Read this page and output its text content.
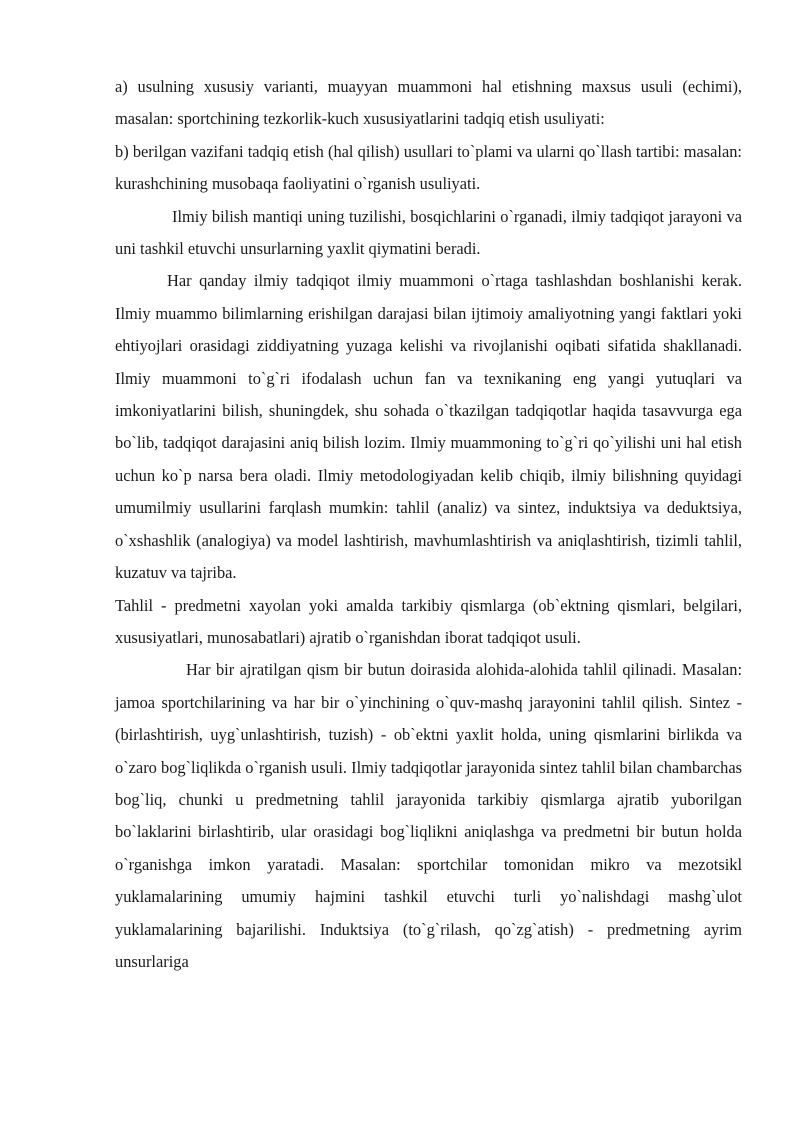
a) usulning xususiy varianti, muayyan muammoni hal etishning maxsus usuli (echimi), masalan: sportchining tezkorlik-kuch xususiyatlarini tadqiq etish usuliyati:

b) berilgan vazifani tadqiq etish (hal qilish) usullari to`plami va ularni qo`llash tartibi: masalan: kurashchining musobaqa faoliyatini o`rganish usuliyati.

Ilmiy bilish mantiqi uning tuzilishi, bosqichlarini o`rganadi, ilmiy tadqiqot jarayoni va uni tashkil etuvchi unsurlarning yaxlit qiymatini beradi.

Har qanday ilmiy tadqiqot ilmiy muammoni o`rtaga tashlashdan boshlanishi kerak. Ilmiy muammo bilimlarning erishilgan darajasi bilan ijtimoiy amaliyotning yangi faktlari yoki ehtiyojlari orasidagi ziddiyatning yuzaga kelishi va rivojlanishi oqibati sifatida shakllanadi. Ilmiy muammoni to`g`ri ifodalash uchun fan va texnikaning eng yangi yutuqlari va imkoniyatlarini bilish, shuningdek, shu sohada o`tkazilgan tadqiqotlar haqida tasavvurga ega bo`lib, tadqiqot darajasini aniq bilish lozim. Ilmiy muammoning to`g`ri qo`yilishi uni hal etish uchun ko`p narsa bera oladi. Ilmiy metodologiyadan kelib chiqib, ilmiy bilishning quyidagi umumilmiy usullarini farqlash mumkin: tahlil (analiz) va sintez, induktsiya va deduktsiya, o`xshashlik (analogiya) va model lashtirish, mavhumlashtirish va aniqlashtirish, tizimli tahlil, kuzatuv va tajriba.

Tahlil - predmetni xayolan yoki amalda tarkibiy qismlarga (ob`ektning qismlari, belgilari, xususiyatlari, munosabatlari) ajratib o`rganishdan iborat tadqiqot usuli.

Har bir ajratilgan qism bir butun doirasida alohida-alohida tahlil qilinadi. Masalan: jamoa sportchilarining va har bir o`yinchining o`quv-mashq jarayonini tahlil qilish. Sintez - (birlashtirish, uyg`unlashtirish, tuzish) - ob`ektni yaxlit holda, uning qismlarini birlikda va o`zaro bog`liqlikda o`rganish usuli. Ilmiy tadqiqotlar jarayonida sintez tahlil bilan chambarchas bog`liq, chunki u predmetning tahlil jarayonida tarkibiy qismlarga ajratib yuborilgan bo`laklarini birlashtirib, ular orasidagi bog`liqlikni aniqlashga va predmetni bir butun holda o`rganishga imkon yaratadi. Masalan: sportchilar tomonidan mikro va mezotsikl yuklamalarining umumiy hajmini tashkil etuvchi turli yo`nalishdagi mashg`ulot yuklamalarining bajarilishi. Induktsiya (to`g`rilash, qo`zg`atish) - predmetning ayrim unsurlariga
